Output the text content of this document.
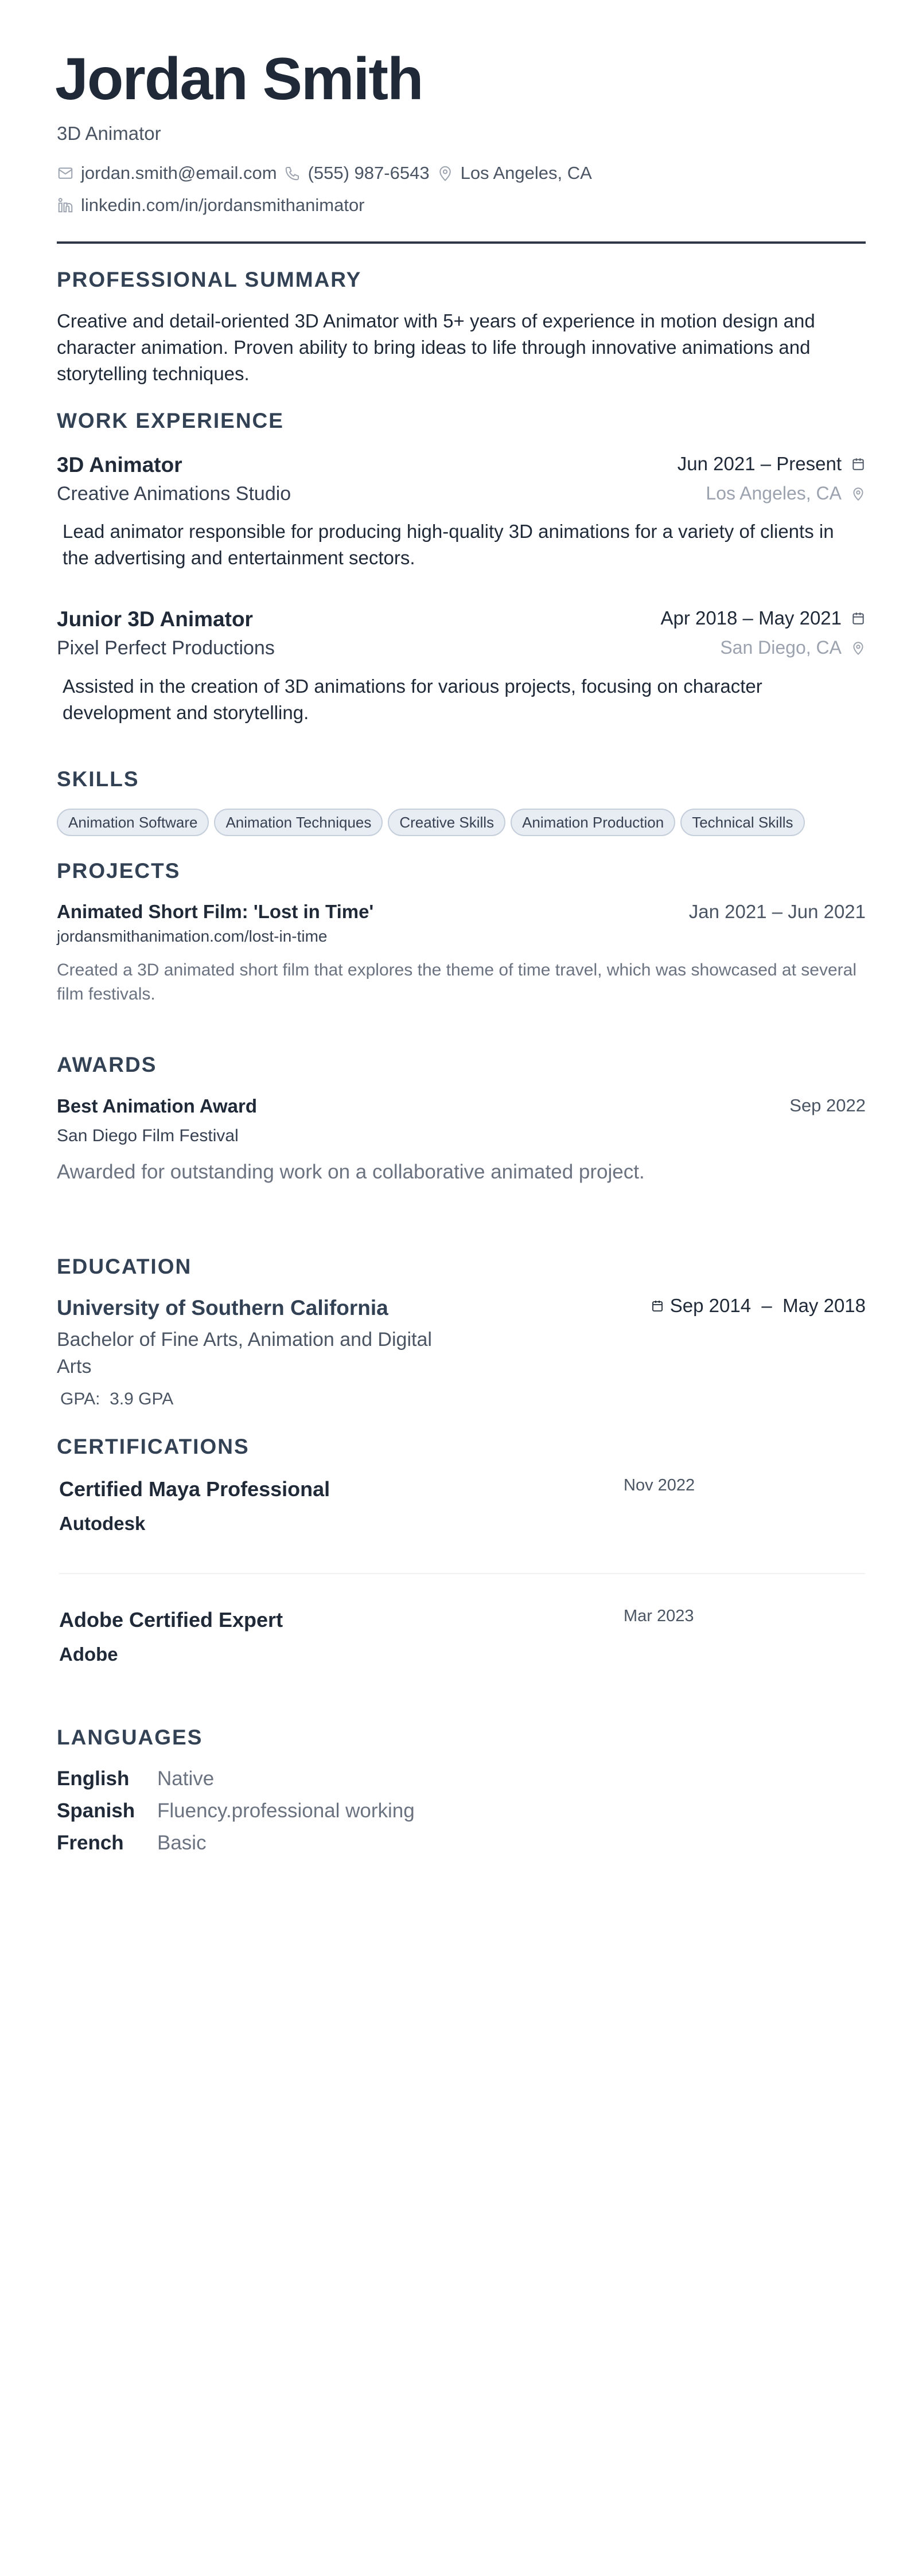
Jordan Smith
3D Animator
jordan.smith@email.com (555) 987-6543 Los Angeles, CA
linkedin.com/in/jordansmithanimator
PROFESSIONAL SUMMARY
Creative and detail-oriented 3D Animator with 5+ years of experience in motion design and character animation. Proven ability to bring ideas to life through innovative animations and storytelling techniques.
WORK EXPERIENCE
3D Animator	Jun 2021 – Present
Creative Animations Studio	Los Angeles, CA
Lead animator responsible for producing high-quality 3D animations for a variety of clients in the advertising and entertainment sectors.
Junior 3D Animator	Apr 2018 – May 2021
Pixel Perfect Productions	San Diego, CA
Assisted in the creation of 3D animations for various projects, focusing on character development and storytelling.
SKILLS
Animation Software	Animation Techniques	Creative Skills	Animation Production	Technical Skills
PROJECTS
Animated Short Film: 'Lost in Time'	Jan 2021 – Jun 2021
jordansmithanimation.com/lost-in-time
Created a 3D animated short film that explores the theme of time travel, which was showcased at several film festivals.
AWARDS
Best Animation Award	Sep 2022
San Diego Film Festival
Awarded for outstanding work on a collaborative animated project.
EDUCATION
University of Southern California	Sep 2014  –  May 2018
Bachelor of Fine Arts, Animation and Digital Arts
GPA: 3.9 GPA
CERTIFICATIONS
Certified Maya Professional	Nov 2022
Autodesk
Adobe Certified Expert	Mar 2023
Adobe
LANGUAGES
English Native
Spanish Fluency.professional working
French Basic
